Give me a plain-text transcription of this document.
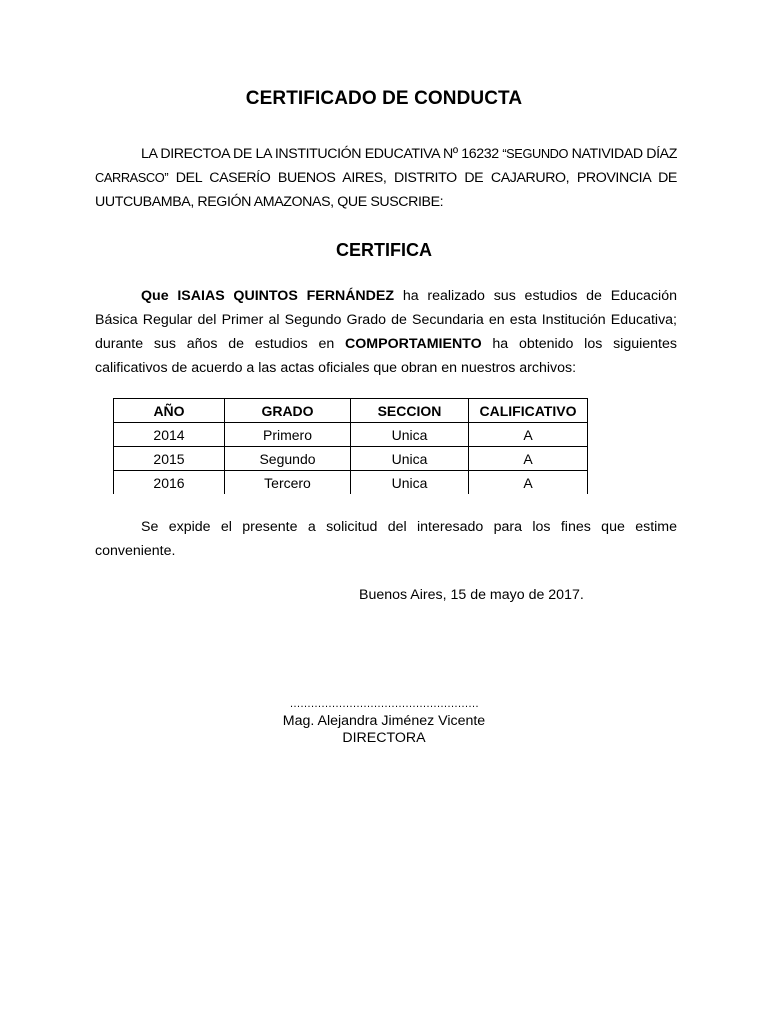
CERTIFICADO DE CONDUCTA
LA DIRECTOA DE LA INSTITUCIÓN EDUCATIVA Nº 16232 “SEGUNDO NATIVIDAD DÍAZ CARRASCO” DEL CASERÍO BUENOS AIRES, DISTRITO DE CAJARURO, PROVINCIA DE UUTCUBAMBA, REGIÓN AMAZONAS, QUE SUSCRIBE:
CERTIFICA
Que ISAIAS QUINTOS FERNÁNDEZ ha realizado sus estudios de Educación Básica Regular del Primer al Segundo Grado de Secundaria en esta Institución Educativa; durante sus años de estudios en COMPORTAMIENTO ha obtenido los siguientes calificativos de acuerdo a las actas oficiales que obran en nuestros archivos:
AÑO	GRADO	SECCION	CALIFICATIVO
2014	Primero	Unica	A
2015	Segundo	Unica	A
2016	Tercero	Unica	A
Se expide el presente a solicitud del interesado para los fines que estime conveniente.
Buenos Aires, 15 de mayo de 2017.
………………………………………………
Mag. Alejandra Jiménez Vicente
DIRECTORA
